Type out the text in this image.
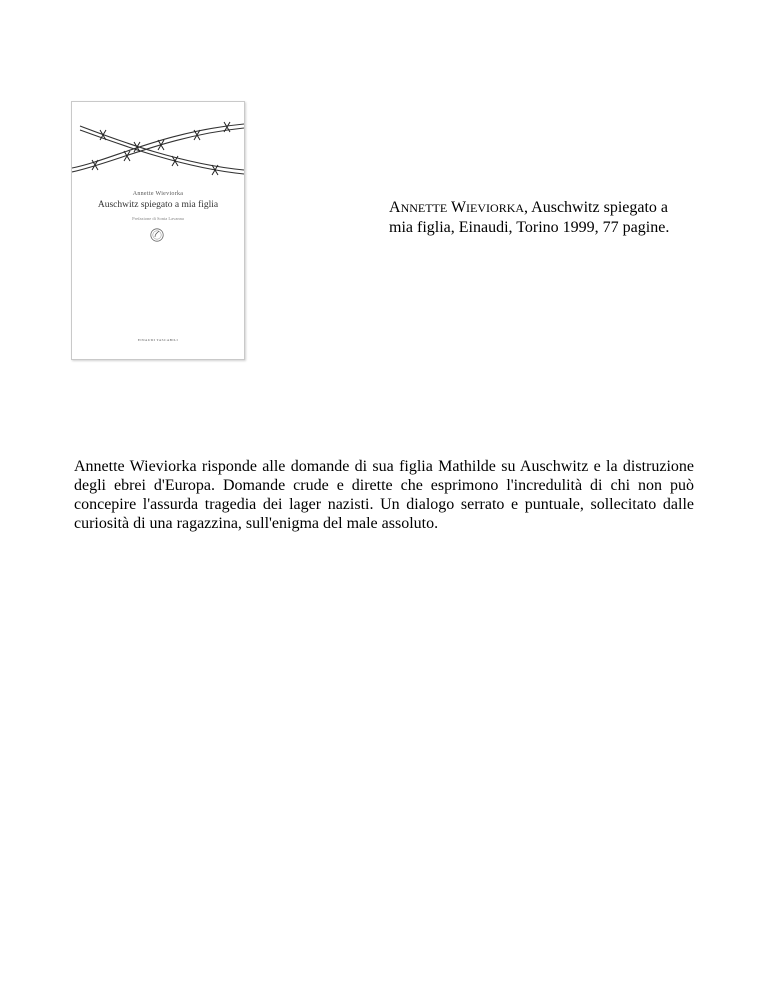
Annette Wieviorka
Auschwitz spiegato a mia figlia
Prefazione di Sonia Lavanna
EINAUDI TASCABILI
ANNETTE WIEVIORKA, Auschwitz spiegato a mia figlia, Einaudi, Torino 1999, 77 pagine.
Annette Wieviorka risponde alle domande di sua figlia Mathilde su Auschwitz e la distruzione degli ebrei d'Europa. Domande crude e dirette che esprimono l'incredulità di chi non può concepire l'assurda tragedia dei lager nazisti. Un dialogo serrato e puntuale, sollecitato dalle curiosità di una ragazzina, sull'enigma del male assoluto.
